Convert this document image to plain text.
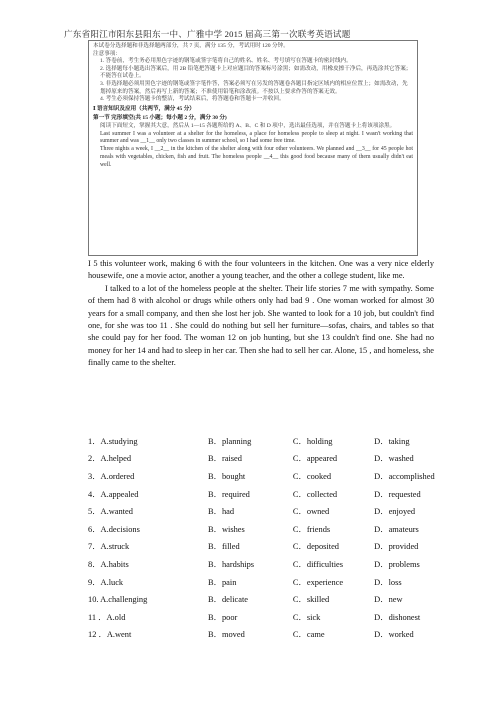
广东省阳江市阳东县阳东一中、广雅中学 2015 届高三第一次联考英语试题

本试卷分选择题和非选择题两部分，共 7 页，满分 135 分，考试用时 120 分钟。

注意事项：

1. 答卷前，考生务必用黑色字迹的钢笔或签字笔将自己的姓名、姓名、考号填写在答题卡的密封线内。

2. 选择题每小题选出答案后，用 2B 铅笔把答题卡上对应题目的答案标号涂黑；如需改动，用橡皮擦干净后，再选涂其它答案；不能答在试卷上。

3. 非选择题必须用黑色字迹的钢笔或签字笔作答，答案必须写在另发的答题卷各题目指定区域内的相应位置上；如需改动，先划掉原来的答案，然后再写上新的答案；不准使用铅笔和涂改液。不按以上要求作答的答案无效。

4. 考生必须保持答题卡的整洁，考试结束后，将答题卷和答题卡一并收回。

Ⅰ 语言知识及应用（共两节，满分 45 分）

第一节 完形填空(共 15 小题；每小题 2 分，满分 30 分)

阅读下面短文，掌握其大意，然后从 1—15 各题所给的 A、B、C 和 D 项中，选出最佳选项，并在答题卡上将该项涂黑。

Last summer I was a volunteer at a shelter for the homeless, a place for homeless people to sleep at night. I wasn't working that summer and was __1__ only two classes in summer school, so I had some free time.

Three nights a week, I __2__ in the kitchen of the shelter along with four other volunteers. We planned and __3__ for 45 people hot meals with vegetables, chicken, fish and fruit. The homeless people __4__ this good food because many of them usually didn't eat well.

I 5 this volunteer work, making 6 with the four volunteers in the kitchen. One was a very nice elderly housewife, one a movie actor, another a young teacher, and the other a college student, like me.

I talked to a lot of the homeless people at the shelter. Their life stories 7 me with sympathy. Some of them had 8 with alcohol or drugs while others only had bad 9 . One woman worked for almost 30 years for a small company, and then she lost her job. She wanted to look for a 10 job, but couldn't find one, for she was too 11 . She could do nothing but sell her furniture—sofas, chairs, and tables so that she could pay for her food. The woman 12 on job hunting, but she 13 couldn't find one. She had no money for her 14 and had to sleep in her car. Then she had to sell her car. Alone, 15 , and homeless, she finally came to the shelter.

1．A.studying	B．planning	C．holding	D．taking
2．A.helped	B．raised	C．appeared	D．washed
3．A.ordered	B．bought	C．cooked	D．accomplished
4．A.appealed	B．required	C．collected	D．requested
5．A.wanted	B．had	C．owned	D．enjoyed
6．A.decisions	B．wishes	C．friends	D．amateurs
7．A.struck	B．filled	C．deposited	D．provided
8．A.habits	B．hardships	C．difficulties	D．problems
9．A.luck	B．pain	C．experience	D．loss
10. A.challenging	B．delicate	C．skilled	D．new
11 ．A.old	B．poor	C．sick	D．dishonest
12 ．A.went	B．moved	C．came	D．worked
